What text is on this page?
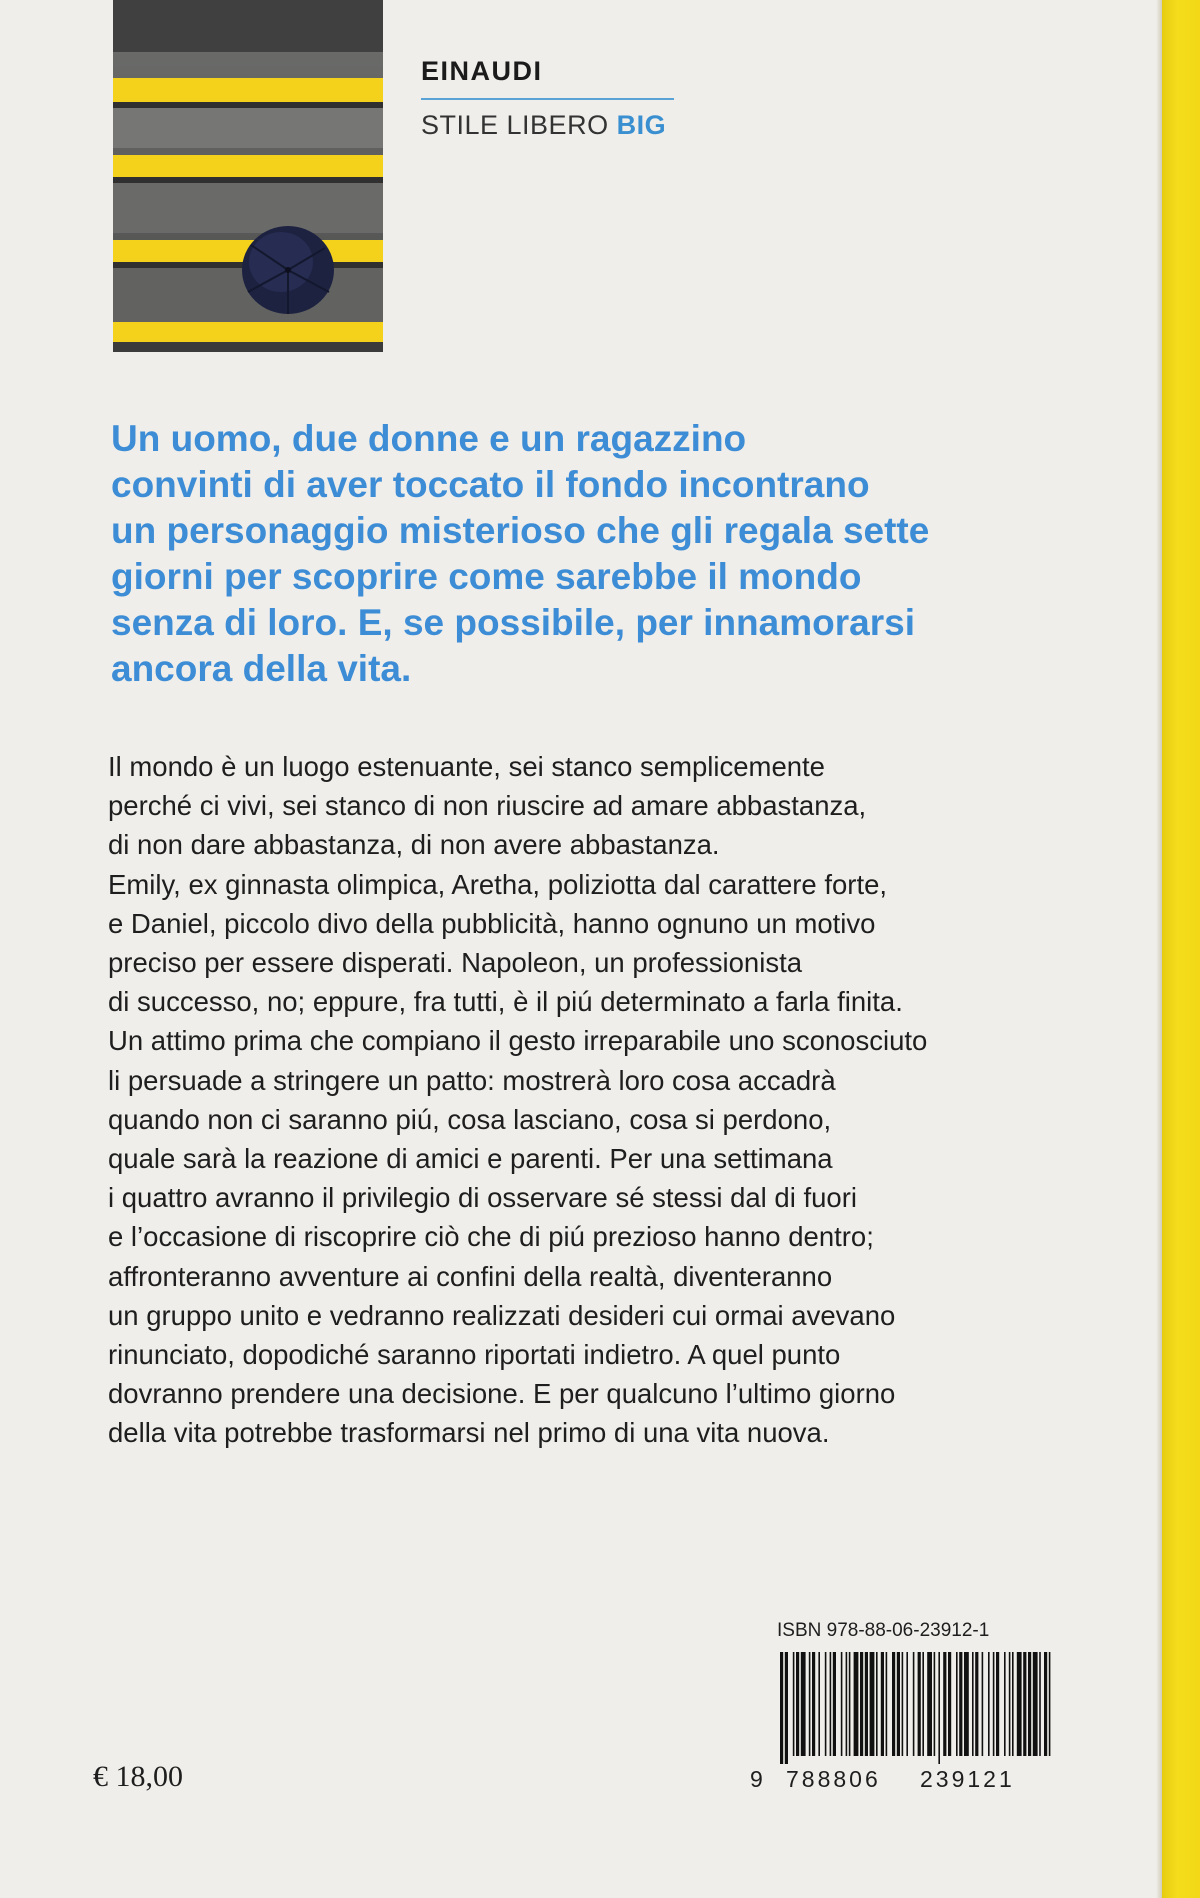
EINAUDI
STILE LIBERO BIG
Un uomo, due donne e un ragazzino
convinti di aver toccato il fondo incontrano
un personaggio misterioso che gli regala sette
giorni per scoprire come sarebbe il mondo
senza di loro. E, se possibile, per innamorarsi
ancora della vita.
Il mondo è un luogo estenuante, sei stanco semplicemente
perché ci vivi, sei stanco di non riuscire ad amare abbastanza,
di non dare abbastanza, di non avere abbastanza.
Emily, ex ginnasta olimpica, Aretha, poliziotta dal carattere forte,
e Daniel, piccolo divo della pubblicità, hanno ognuno un motivo
preciso per essere disperati. Napoleon, un professionista
di successo, no; eppure, fra tutti, è il piú determinato a farla finita.
Un attimo prima che compiano il gesto irreparabile uno sconosciuto
li persuade a stringere un patto: mostrerà loro cosa accadrà
quando non ci saranno piú, cosa lasciano, cosa si perdono,
quale sarà la reazione di amici e parenti. Per una settimana
i quattro avranno il privilegio di osservare sé stessi dal di fuori
e l’occasione di riscoprire ciò che di piú prezioso hanno dentro;
affronteranno avventure ai confini della realtà, diventeranno
un gruppo unito e vedranno realizzati desideri cui ormai avevano
rinunciato, dopodiché saranno riportati indietro. A quel punto
dovranno prendere una decisione. E per qualcuno l’ultimo giorno
della vita potrebbe trasformarsi nel primo di una vita nuova.
ISBN 978-88-06-23912-1
9 788806 239121
€ 18,00
